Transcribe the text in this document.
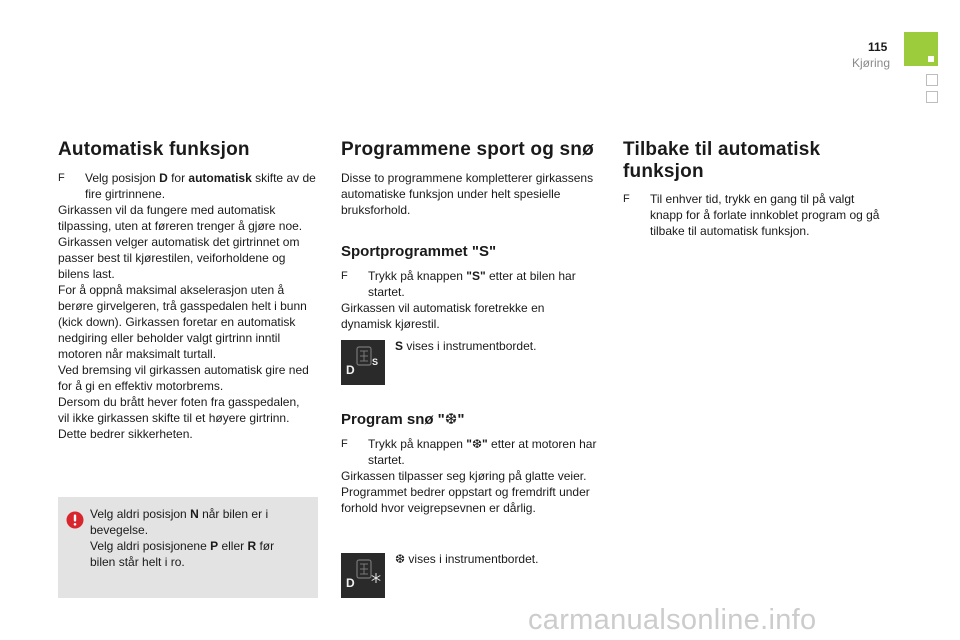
115
Kjøring
Automatisk funksjon
F	Velg posisjon D for automatisk skifte av de fire girtrinnene.
Girkassen vil da fungere med automatisk
tilpassing, uten at føreren trenger å gjøre noe.
Girkassen velger automatisk det girtrinnet om
passer best til kjørestilen, veiforholdene og
bilens last.
For å oppnå maksimal akselerasjon uten å
berøre girvelgeren, trå gasspedalen helt i bunn
(kick down). Girkassen foretar en automatisk
nedgiring eller beholder valgt girtrinn inntil
motoren når maksimalt turtall.
Ved bremsing vil girkassen automatisk gire ned
for å gi en effektiv motorbrems.
Dersom du brått hever foten fra gasspedalen,
vil ikke girkassen skifte til et høyere girtrinn.
Dette bedrer sikkerheten.
Velg aldri posisjon N når bilen er i
bevegelse.
Velg aldri posisjonene P eller R før
bilen står helt i ro.
Programmene sport og snø
Disse to programmene kompletterer girkassens
automatiske funksjon under helt spesielle
bruksforhold.
Sportprogrammet "S"
F	Trykk på knappen "S" etter at bilen har startet.
Girkassen vil automatisk foretrekke en
dynamisk kjørestil.
D
S
S vises i instrumentbordet.
Program snø "❆"
F	Trykk på knappen "❆" etter at motoren har startet.
Girkassen tilpasser seg kjøring på glatte veier.
Programmet bedrer oppstart og fremdrift under
forhold hvor veigrepsevnen er dårlig.
D
❆ vises i instrumentbordet.
Tilbake til automatisk
funksjon
F	Til enhver tid, trykk en gang til på valgt
knapp for å forlate innkoblet program og gå
tilbake til automatisk funksjon.
carmanualsonline.info
